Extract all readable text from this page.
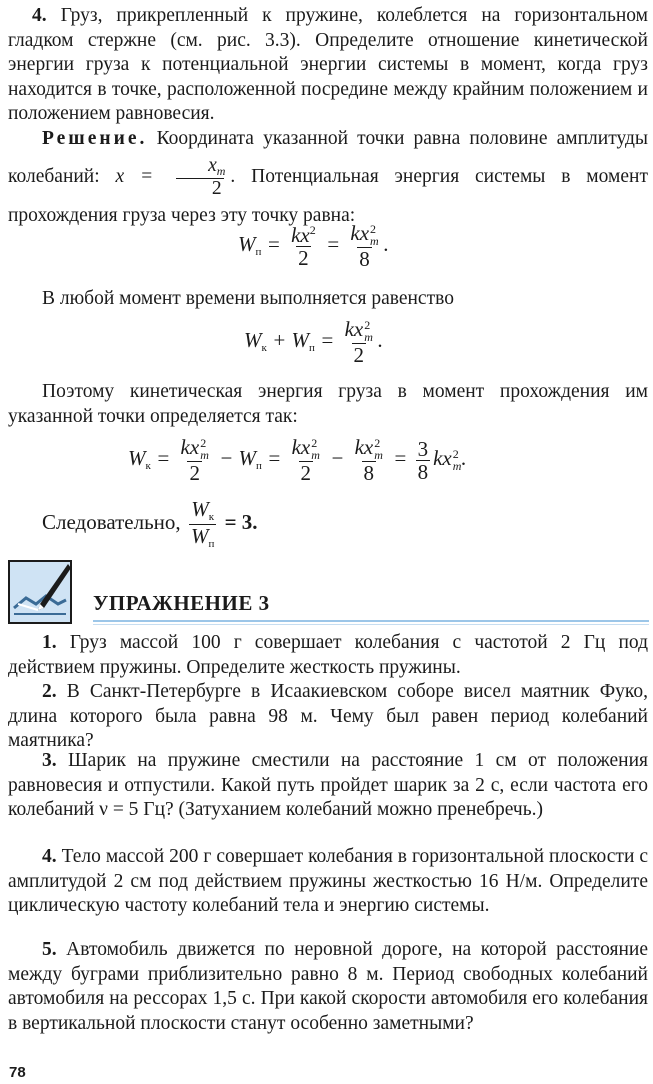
4. Груз, прикрепленный к пружине, колеблется на горизонтальном гладком стержне (см. рис. 3.3). Определите отношение кинетической энергии груза к потенциальной энергии системы в момент, когда груз находится в точке, расположенной посредине между крайним положением и положением равновесия.
Решение. Координата указанной точки равна половине амплитуды колебаний: $x = \frac{x_m}{2}$ . Потенциальная энергия системы в момент прохождения груза через эту точку равна:
Wп = $\frac{kx^2}{2}$ = kx 2
m
8 .
В любой момент времени выполняется равенство
Wк + Wп = kx 2
m
2 .
Поэтому кинетическая энергия груза в момент прохождения им указанной точки определяется так:
Wк = kx 2
m
2 − Wп = kx 2
m
2 − kx 2
m
$8 = \frac{3}{8}$ kx 2
m .
Следовательно, $\frac{Wк}{Wп} = 3$.
УПРАЖНЕНИЕ 3
1. Груз массой 100 г совершает колебания с частотой 2 Гц под действием пружины. Определите жесткость пружины.
2. В Санкт-Петербурге в Исаакиевском соборе висел маятник Фуко, длина которого была равна 98 м. Чему был равен период колебаний маятника?
3. Шарик на пружине сместили на расстояние 1 см от положения равновесия и отпустили. Какой путь пройдет шарик за 2 с, если частота его колебаний ν = 5 Гц? (Затуханием колебаний можно пренебречь.)
4. Тело массой 200 г совершает колебания в горизонтальной плоскости с амплитудой 2 см под действием пружины жесткостью 16 Н/м. Определите циклическую частоту колебаний тела и энергию системы.
5. Автомобиль движется по неровной дороге, на которой расстояние между буграми приблизительно равно 8 м. Период свободных колебаний автомобиля на рессорах 1,5 с. При какой скорости автомобиля его колебания в вертикальной плоскости станут особенно заметными?
78
